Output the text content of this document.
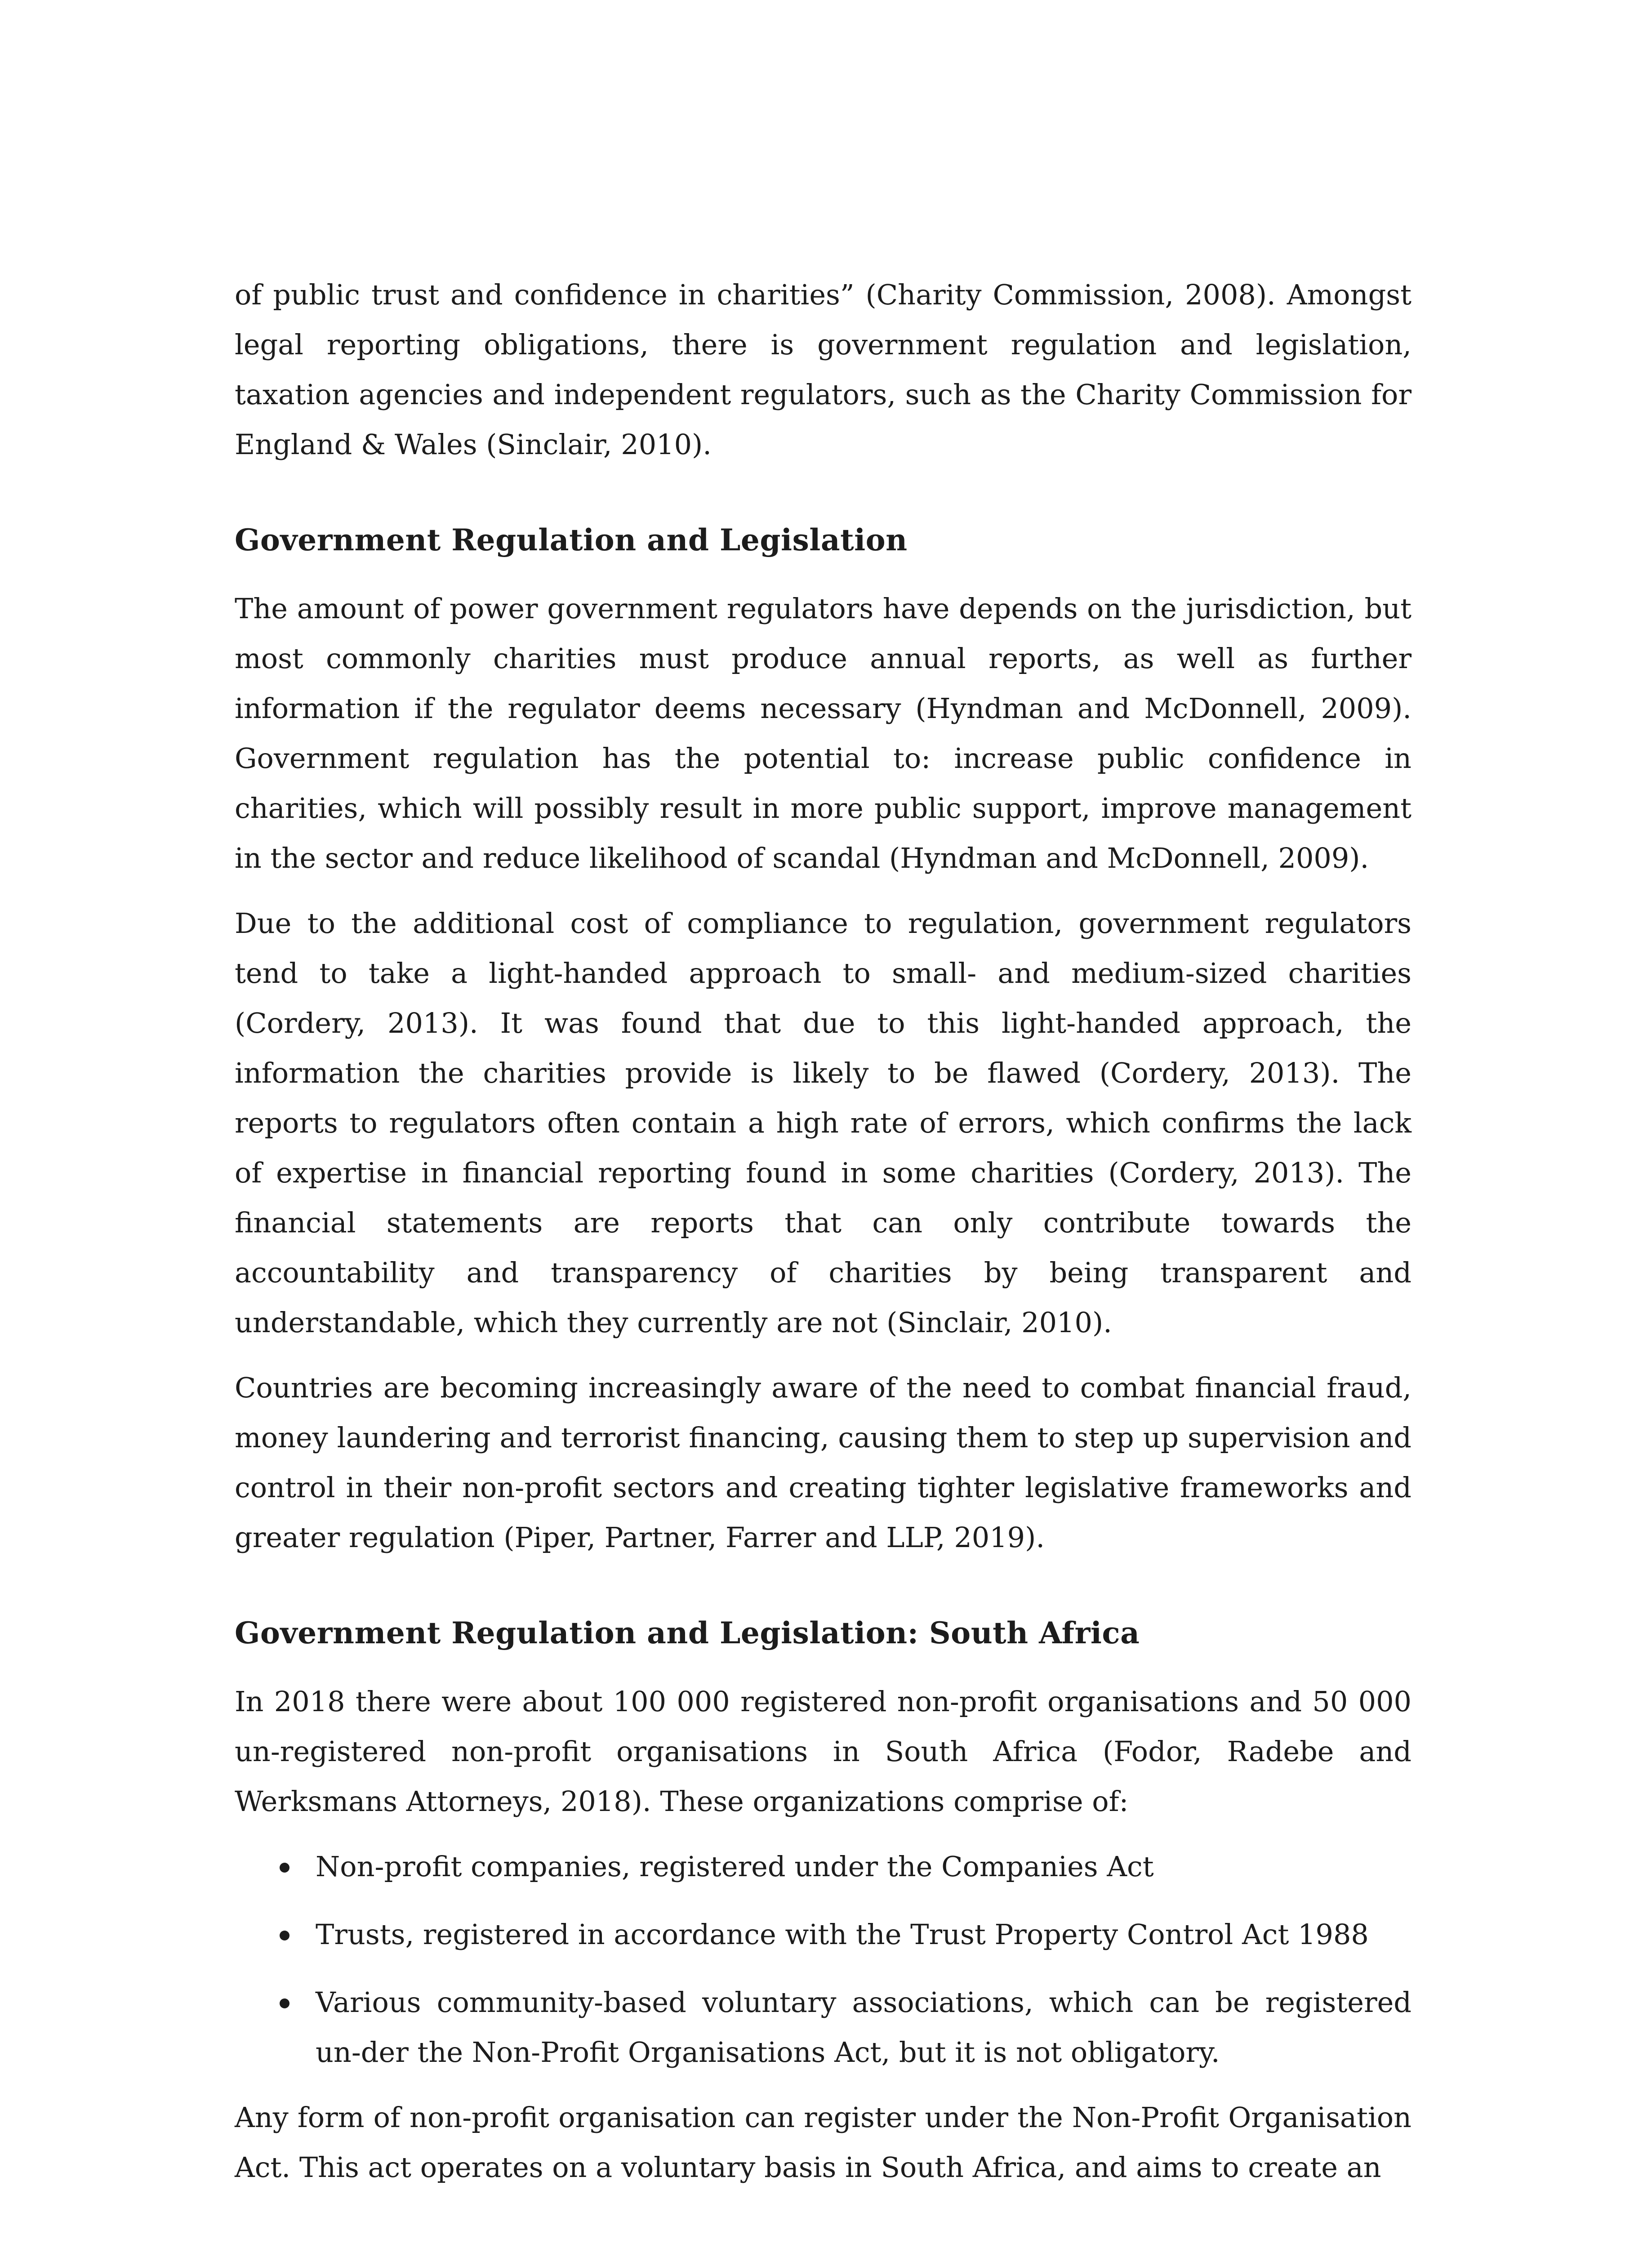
of public trust and confidence in charities” (Charity Commission, 2008). Amongst legal reporting obligations, there is government regulation and legislation, taxation agencies and independent regulators, such as the Charity Commission for England & Wales (Sinclair, 2010).

Government Regulation and Legislation

The amount of power government regulators have depends on the jurisdiction, but most commonly charities must produce annual reports, as well as further information if the regulator deems necessary (Hyndman and McDonnell, 2009). Government regulation has the potential to: increase public confidence in charities, which will possibly result in more public support, improve management in the sector and reduce likelihood of scandal (Hyndman and McDonnell, 2009).

Due to the additional cost of compliance to regulation, government regulators tend to take a light-handed approach to small- and medium-sized charities (Cordery, 2013). It was found that due to this light-handed approach, the information the charities provide is likely to be flawed (Cordery, 2013). The reports to regulators often contain a high rate of errors, which confirms the lack of expertise in financial reporting found in some charities (Cordery, 2013). The financial statements are reports that can only contribute towards the accountability and transparency of charities by being transparent and understandable, which they currently are not (Sinclair, 2010).

Countries are becoming increasingly aware of the need to combat financial fraud, money laundering and terrorist financing, causing them to step up supervision and control in their non-profit sectors and creating tighter legislative frameworks and greater regulation (Piper, Partner, Farrer and LLP, 2019).

Government Regulation and Legislation: South Africa

In 2018 there were about 100 000 registered non-profit organisations and 50 000 un-registered non-profit organisations in South Africa (Fodor, Radebe and Werksmans Attorneys, 2018). These organizations comprise of:

Non-profit companies, registered under the Companies Act
Trusts, registered in accordance with the Trust Property Control Act 1988
Various community-based voluntary associations, which can be registered un-der the Non-Profit Organisations Act, but it is not obligatory.

Any form of non-profit organisation can register under the Non-Profit Organisation Act. This act operates on a voluntary basis in South Africa, and aims to create an
